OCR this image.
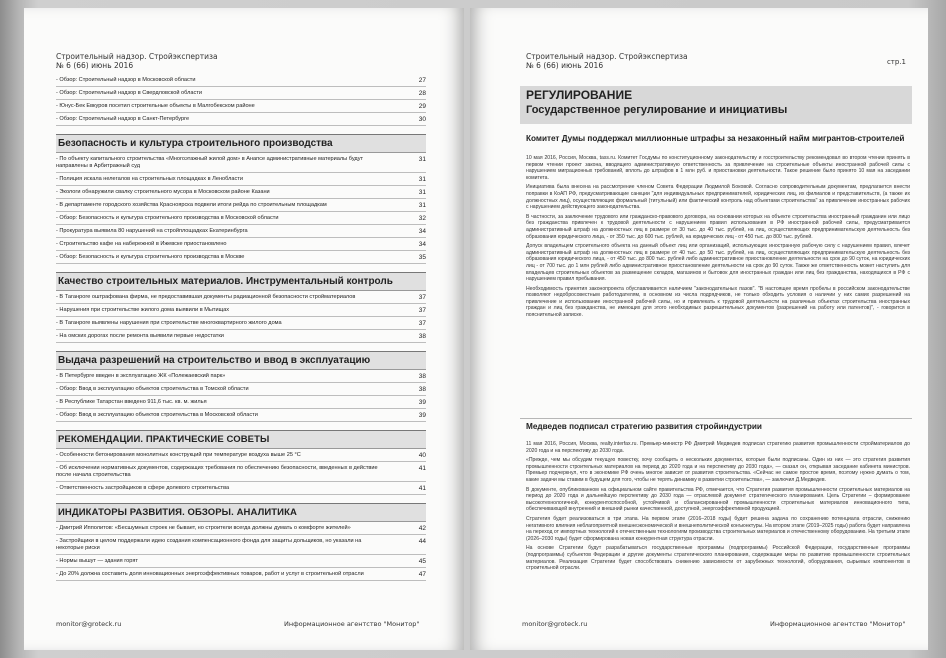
Строительный надзор. Стройэкспертиза
№ 6 (66) июнь 2016
- Обзор: Строительный надзор в Московской области	27
- Обзор: Строительный надзор в Свердловской области	28
- Юнус-Бек Евкуров посетил строительные объекты в Малгобекском районе	29
- Обзор: Строительный надзор в Санкт-Петербурге	30
Безопасность и культура строительного производства
- По объекту капитального строительства «Многоэтажный жилой дом» в Анапсе административные материалы будут направлены в Арбитражный суд
31
- Полиция искала нелегалов на строительных площадках в Ленобласти	31
- Экологи обнаружили свалку строительного мусора в Московском районе Казани	31
- В департаменте городского хозяйства Красноярска подвели итоги рейда по строительным площадкам	31
- Обзор: Безопасность и культура строительного производства в Московской области	32
- Прокуратура выявила 80 нарушений на стройплощадках Екатеринбурга	34
- Строительство кафе на набережной в Ижевске приостановлено	34
- Обзор: Безопасность и культура строительного производства в Москве	35
Качество строительных материалов. Инструментальный контроль
- В Таганроге оштрафована фирма, не предоставившая документы радиационной безопасности стройматериалов	37
- Нарушения при строительстве жилого дома выявили в Мытищах	37
- В Таганроге выявлены нарушения при строительстве многоквартирного жилого дома	37
- На омских дорогах после ремонта выявили первые недостатки	38
Выдача разрешений на строительство и ввод в эксплуатацию
- В Петербурге введен в эксплуатацию ЖК «Полежаевский парк»	38
- Обзор: Ввод в эксплуатацию объектов строительства в Томской области	38
- В Республике Татарстан введено 911,6 тыс. кв. м. жилья	39
- Обзор: Ввод в эксплуатацию объектов строительства в Московской области	39
РЕКОМЕНДАЦИИ. ПРАКТИЧЕСКИЕ СОВЕТЫ
- Особенности бетонирования монолитных конструкций при температуре воздуха выше 25 °С	40
- Об исключении нормативных документов, содержащих требования по обеспечению безопасности, введенных в действие после начала строительства
41
- Ответственность застройщиков в сфере долевого строительства	41
ИНДИКАТОРЫ РАЗВИТИЯ. ОБЗОРЫ. АНАЛИТИКА
- Дмитрий Ипполитов: «Бесшумных строек не бывает, но строители всегда должны думать о комфорте жителей»	42
- Застройщики в целом поддержали идею создания компенсационного фонда для защиты дольщиков, но указали на некоторые риски
44
- Нормы вышут — здания горят	45
- До 20% должна составить доля инновационных энергоэффективных товаров, работ и услуг в строительной отрасли	47
monitor@groteck.ru	Информационное агентство "Монитор"
Строительный надзор. Стройэкспертиза
№ 6 (66) июнь 2016	стр.1
РЕГУЛИРОВАНИЕ
Государственное регулирование и инициативы
Комитет Думы поддержал миллионные штрафы за незаконный найм мигрантов-строителей

10 мая 2016, Россия, Москва, tass.ru. Комитет Госдумы по конституционному законодательству и госстроительству рекомендовал во втором чтении принять в первом чтении проект закона, вводящего административную ответственность за привлечение на строительные объекты иностранной рабочей силы с нарушением миграционных требований, вплоть до штрафов в 1 млн руб. и приостановки деятельности. Такое решение было принято 10 мая на заседании комитета.

Инициатива была внесена на рассмотрение членом Совета Федерации Людмилой Боковой. Согласно сопроводительным документам, предлагается внести поправки в КоАП РФ, предусматривающие санкции "для индивидуальных предпринимателей, юридических лиц, их филиалов и представительств, (а также их должностных лиц), осуществляющих формальный (титульный) или фактический контроль над объектами строительства" за привлечение иностранных рабочих с нарушением действующего законодательства.

В частности, за заключение трудового или гражданско-правового договора, на основании которых на объекте строительства иностранный гражданин или лицо без гражданства привлечен к трудовой деятельности с нарушением правил использования в РФ иностранной рабочей силы, предусматривается административный штраф на должностных лиц в размере от 30 тыс. до 40 тыс. рублей, на лиц, осуществляющих предпринимательскую деятельность без образования юридического лица, - от 350 тыс. до 600 тыс. рублей, на юридических лиц - от 450 тыс. до 800 тыс. рублей.

Допуск владельцем строительного объекта на данный объект лиц или организаций, использующих иностранную рабочую силу с нарушением правил, влечет административный штраф на должностных лиц в размере от 40 тыс. до 50 тыс. рублей, на лиц, осуществляющих предпринимательскую деятельность без образования юридического лица, - от 450 тыс. до 800 тыс. рублей либо административное приостановление деятельности на срок до 90 суток, на юридических лиц - от 700 тыс. до 1 млн рублей либо административное приостановление деятельности на срок до 90 суток. Также же ответственность может наступить для владельцев строительных объектов за размещение складов, магазинов и бытовок для иностранных граждан или лиц без гражданства, находящихся в РФ с нарушением правил пребывания.

Необходимость принятия законопроекта обуславливается наличием "законодательных пазов". "В настоящее время пробелы в российском законодательстве позволяют недобросовестным работодателям, в основном из числа подрядчиков, не только обходить условия о наличии у них самих разрешений на привлечение и использование иностранной рабочей силы, но и привлекать к трудовой деятельности на различных объектах строительства иностранных граждан и лиц без гражданства, не имеющих для этого необходимых разрешительных документов (разрешений на работу или патентов)", - говорится в пояснительной записке.

Медведев подписал стратегию развития стройиндустрии

11 мая 2016, Россия, Москва, realty.interfax.ru. Премьер-министр РФ Дмитрий Медведев подписал стратегию развития промышленности стройматериалов до 2020 года и на перспективу до 2030 года.

«Прежде, чем мы обсудим текущую повестку, хочу сообщить о нескольких документах, которые были подписаны. Один из них — это стратегия развития промышленности строительных материалов на период до 2020 года и на перспективу до 2030 года», — сказал он, открывая заседание кабинета министров. Премьер подчеркнул, что в экономике РФ очень многое зависит от развития строительства. «Сейчас не самое простое время, поэтому нужно думать о том, какие задачи мы ставим в будущем для того, чтобы не терять динамику в развитии строительства», — заключил Д.Медведев.

В документе, опубликованном на официальном сайте правительства РФ, отмечается, что Стратегия развития промышленности строительных материалов на период до 2020 года и дальнейшую перспективу до 2030 года — отраслевой документ стратегического планирования. Цель Стратегии – формирование высокотехнологичной, конкурентоспособной, устойчивой и сбалансированной промышленности строительных материалов инновационного типа, обеспечивающей внутренний и внешний рынки качественной, доступной, энергоэффективной продукцией.

Стратегия будет реализоваться в три этапа. На первом этапе (2016–2018 годы) будет решена задача по сохранению потенциала отрасли, снижению негативного влияния неблагоприятной внешнеэкономической и внешнеполитической конъюнктуры. На втором этапе (2019–2025 годы) работа будет направлена на переход от импортных технологий к отечественным технологиям производства строительных материалов и отечественному оборудованию. На третьем этапе (2026–2030 годы) будет сформирована новая конкурентная структура отрасли.

На основе Стратегии будут разрабатываться государственные программы (подпрограммы) Российской Федерации, государственные программы (подпрограммы) субъектов Федерации и другие документы стратегического планирования, содержащие меры по развитию промышленности строительных материалов. Реализация Стратегии будет способствовать снижению зависимости от зарубежных технологий, оборудования, сырьевых компонентов в строительной отрасли.

monitor@groteck.ru	Информационное агентство "Монитор"
